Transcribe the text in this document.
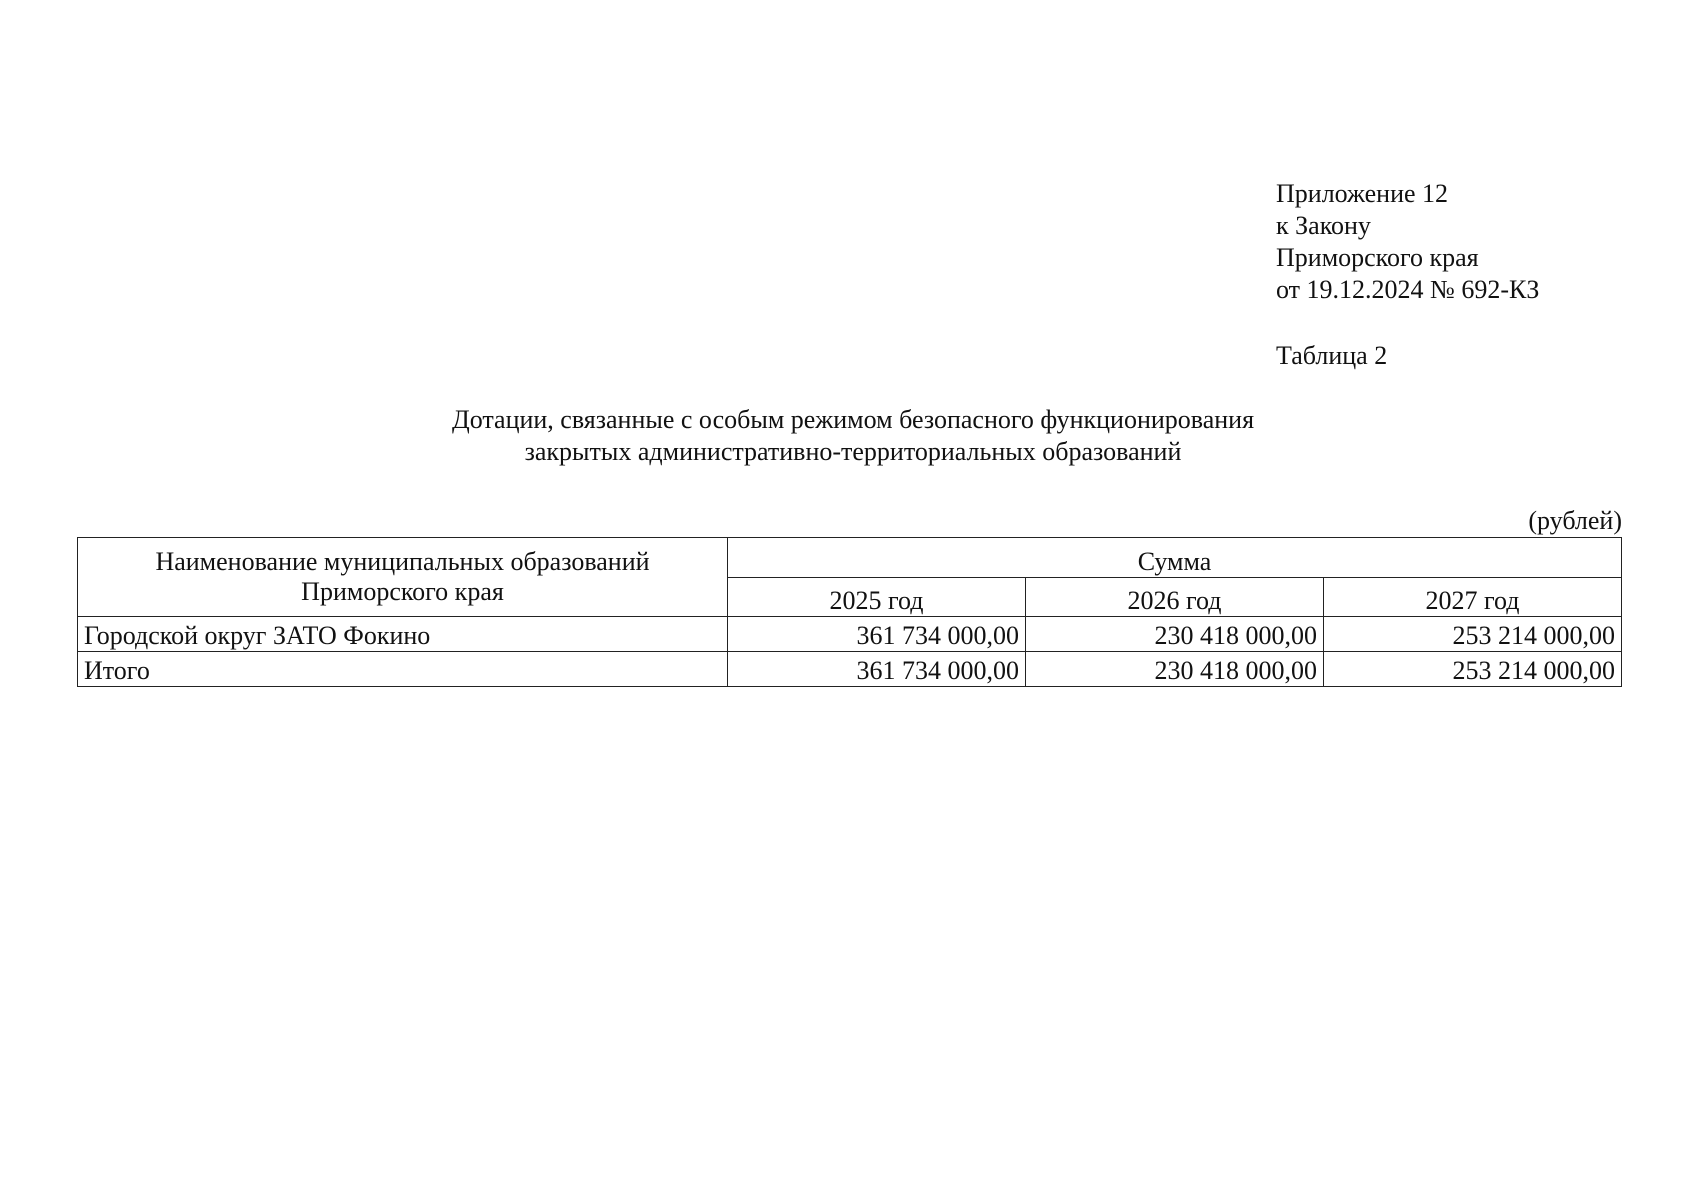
Приложение 12
к Закону
Приморского края
от 19.12.2024 № 692-КЗ
Таблица 2
Дотации, связанные с особым режимом безопасного функционирования
закрытых административно-территориальных образований
(рублей)
Наименование муниципальных образований
Приморского края	Сумма		
	2025 год	2026 год	2027 год
Городской округ ЗАТО Фокино	361 734 000,00	230 418 000,00	253 214 000,00
Итого	361 734 000,00	230 418 000,00	253 214 000,00
